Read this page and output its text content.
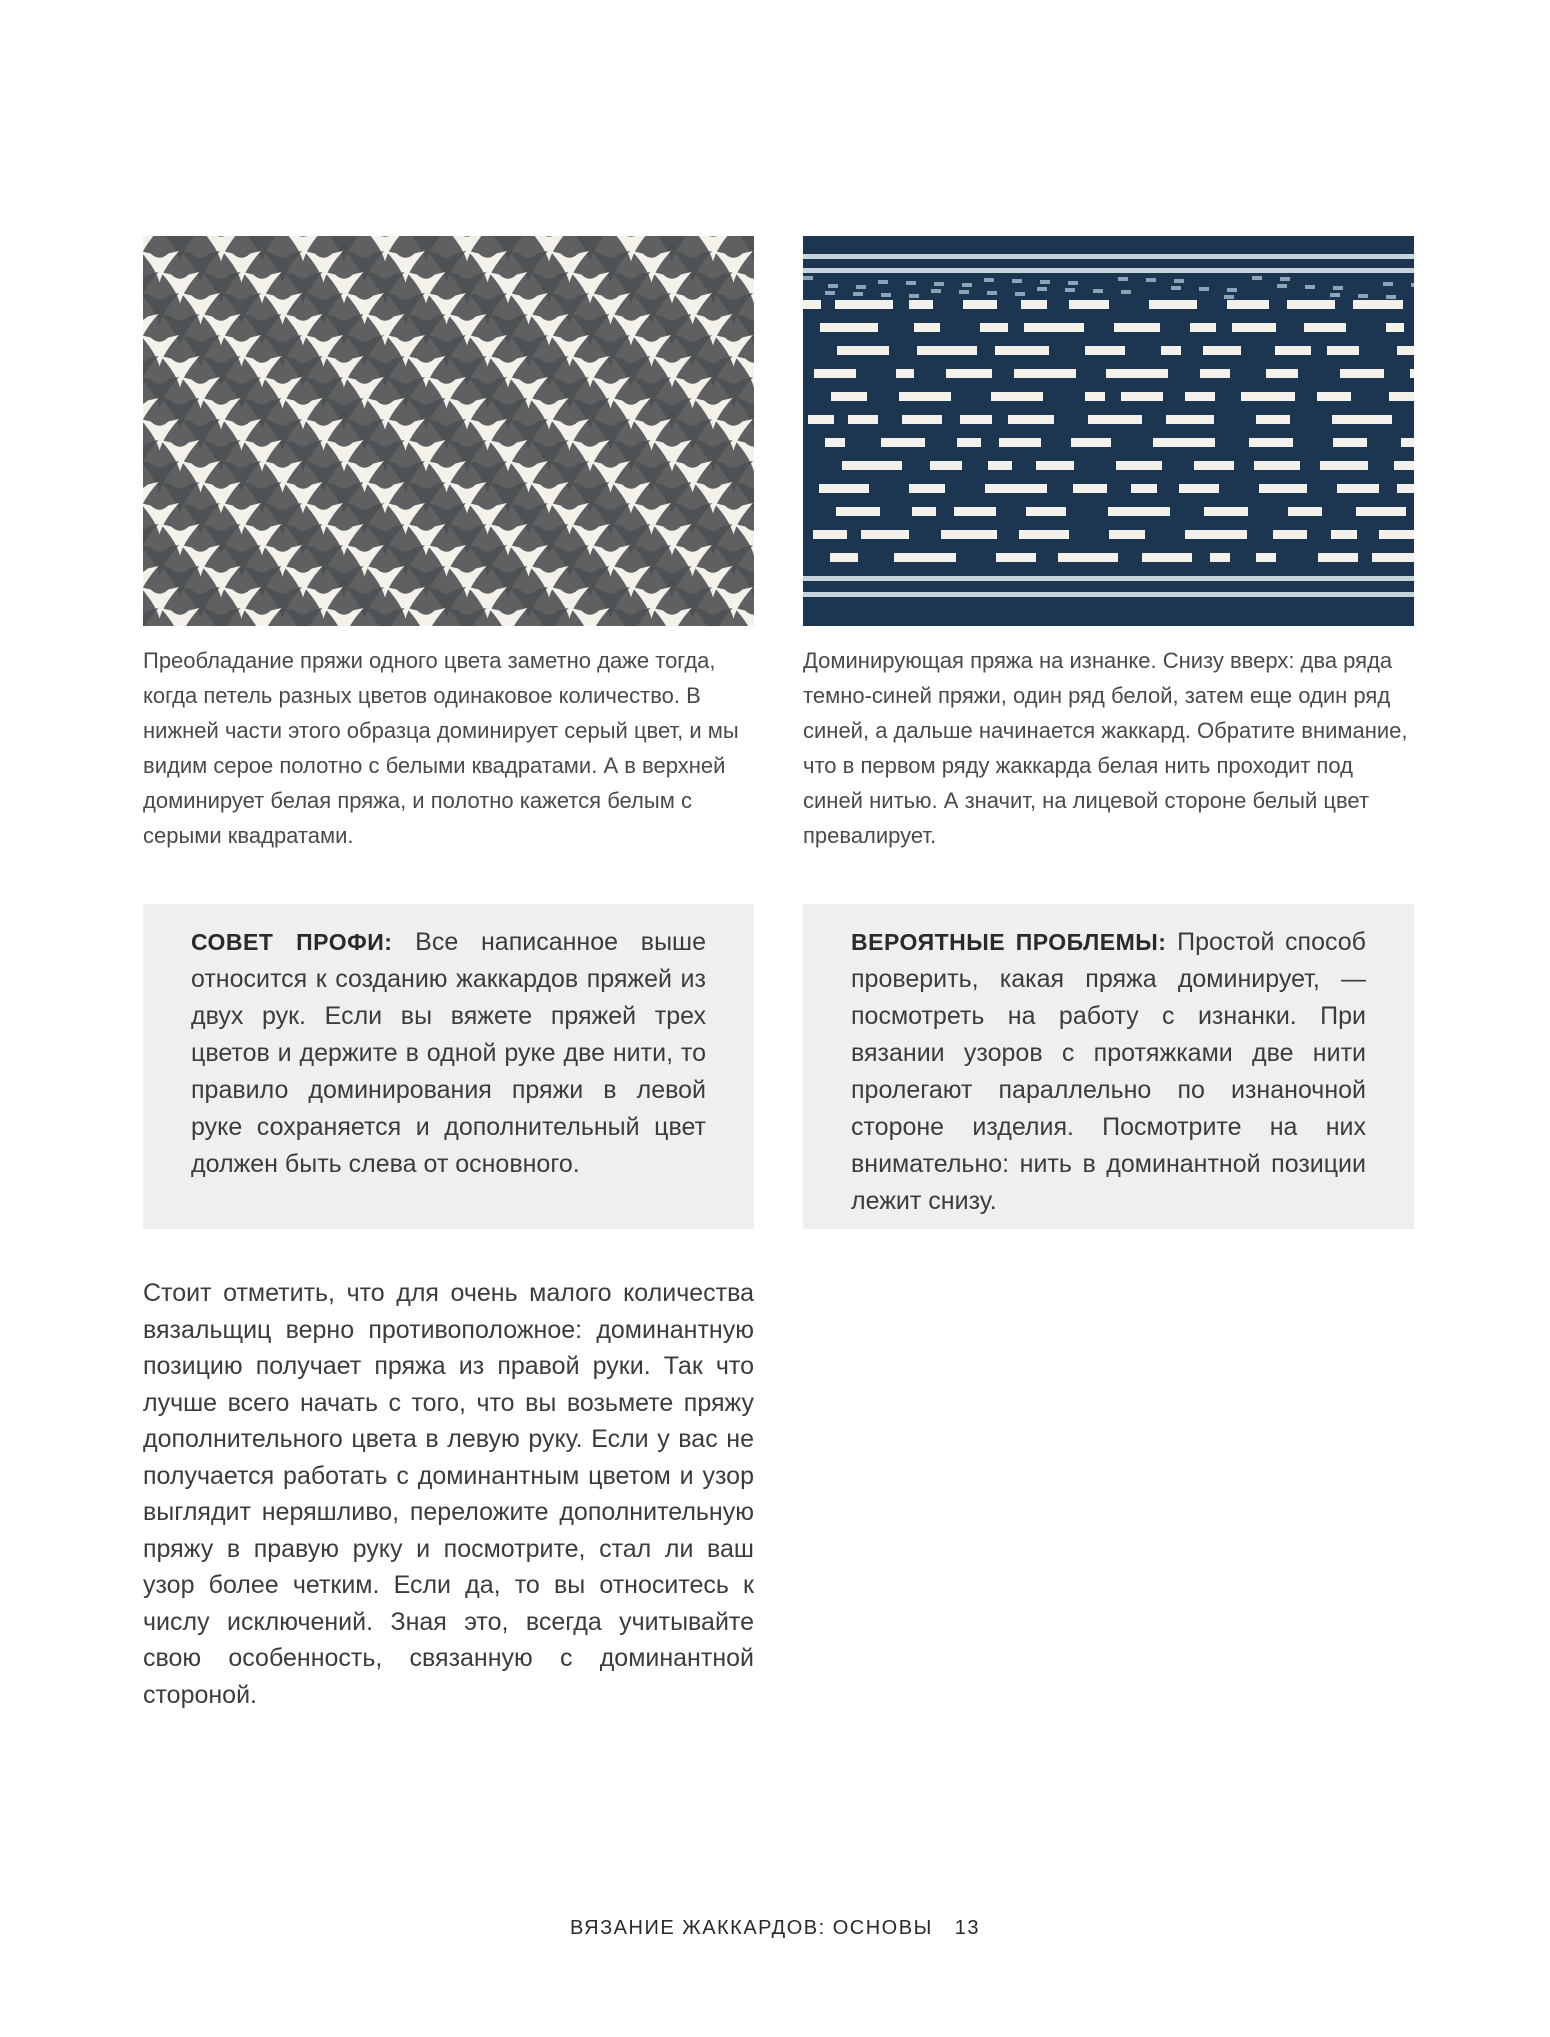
Преобладание пряжи одного цвета заметно даже тогда, когда петель разных цветов одинаковое количество. В нижней части этого образца доминирует серый цвет, и мы видим серое полотно с белыми квадратами. А в верхней доминирует белая пряжа, и полотно кажется белым с серыми квадратами.

Доминирующая пряжа на изнанке. Снизу вверх: два ряда темно-синей пряжи, один ряд белой, затем еще один ряд синей, а дальше начинается жаккард. Обратите внимание, что в первом ряду жаккарда белая нить проходит под синей нитью. А значит, на лицевой стороне белый цвет превалирует.

СОВЕТ ПРОФИ: Все написанное выше относится к созданию жаккардов пряжей из двух рук. Если вы вяжете пряжей трех цветов и держите в одной руке две нити, то правило доминирования пряжи в левой руке сохраняется и дополнительный цвет должен быть слева от основного.

ВЕРОЯТНЫЕ ПРОБЛЕМЫ: Простой способ проверить, какая пряжа доминирует, — посмотреть на работу с изнанки. При вязании узоров с протяжками две нити пролегают параллельно по изнаночной стороне изделия. Посмотрите на них внимательно: нить в доминантной позиции лежит снизу.

Стоит отметить, что для очень малого количества вязальщиц верно противоположное: доминантную позицию получает пряжа из правой руки. Так что лучше всего начать с того, что вы возьмете пряжу дополнительного цвета в левую руку. Если у вас не получается работать с доминантным цветом и узор выглядит неряшливо, переложите дополнительную пряжу в правую руку и посмотрите, стал ли ваш узор более четким. Если да, то вы относитесь к числу исключений. Зная это, всегда учитывайте свою особенность, связанную с доминантной стороной.

ВЯЗАНИЕ ЖАККАРДОВ: ОСНОВЫ 13
